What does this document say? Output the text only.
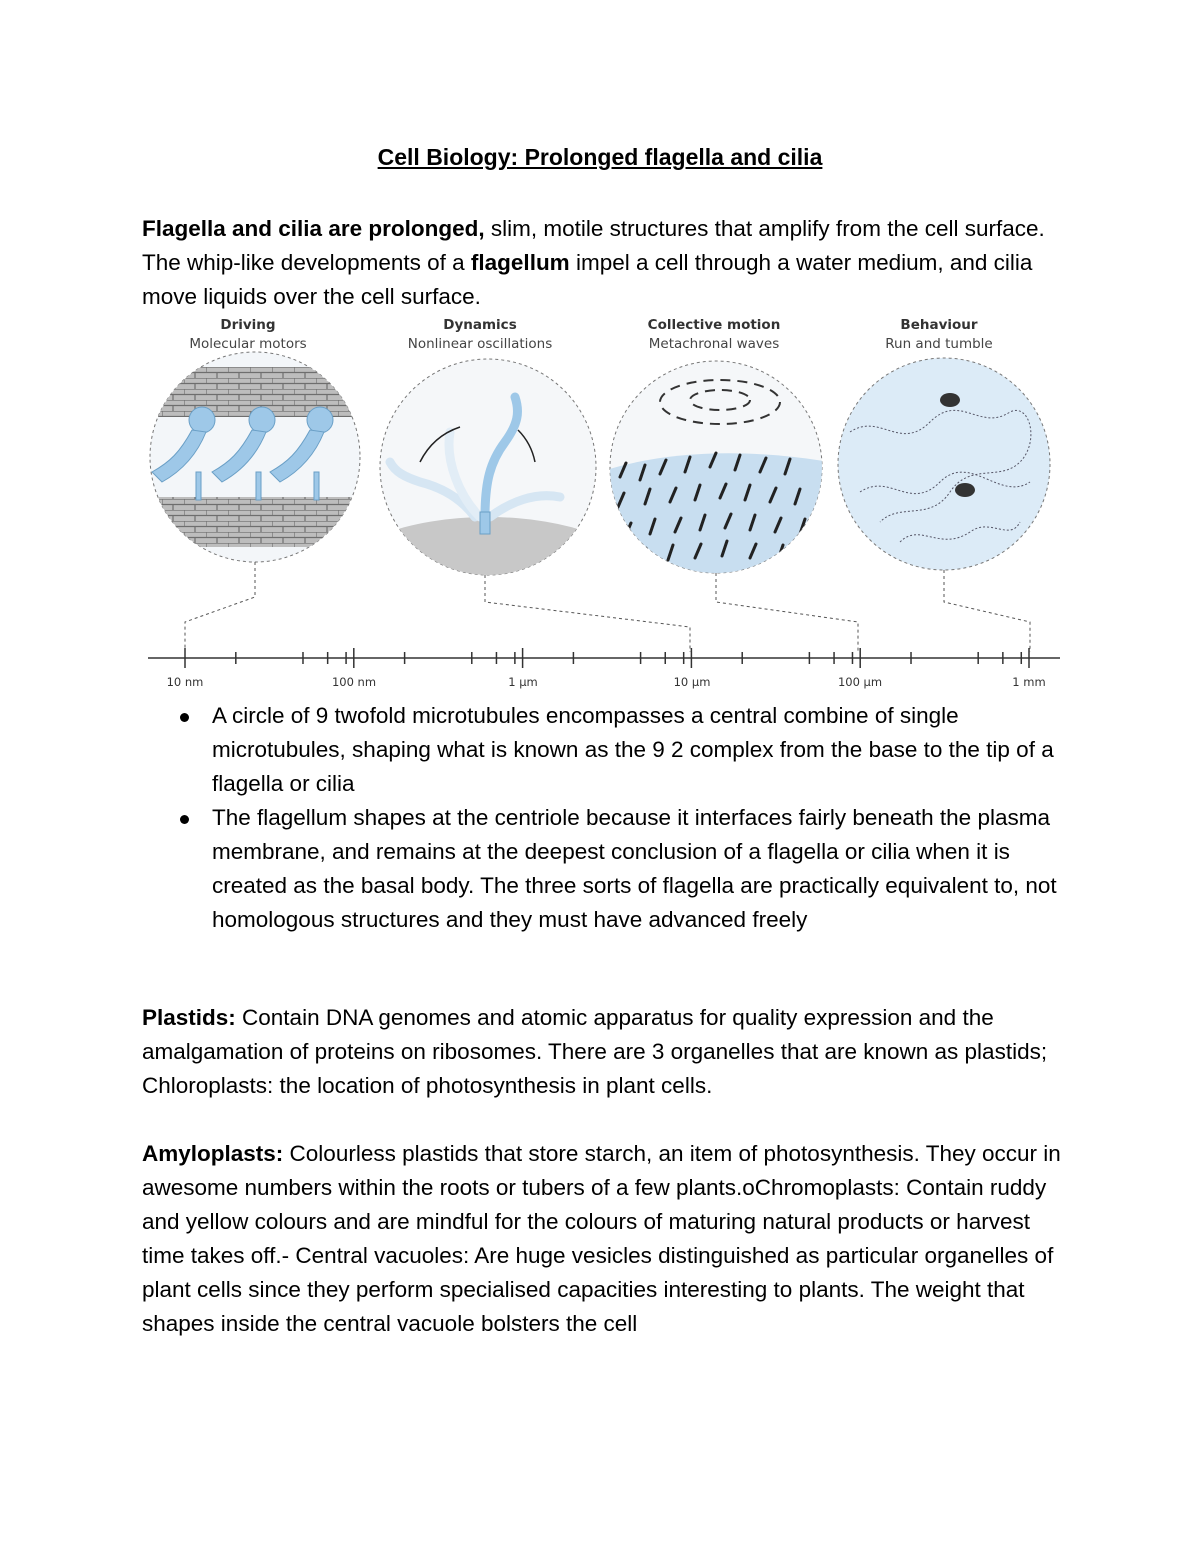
Cell Biology: Prolonged flagella and cilia

Flagella and cilia are prolonged, slim, motile structures that amplify from the cell surface. The whip-like developments of a flagellum impel a cell through a water medium, and cilia move liquids over the cell surface.

Driving
Molecular motors
Dynamics
Nonlinear oscillations
Collective motion
Metachronal waves
Behaviour
Run and tumble
10 nm	100 nm	1 μm	10 μm	100 μm	1 mm
A circle of 9 twofold microtubules encompasses a central combine of single microtubules, shaping what is known as the 9 2 complex from the base to the tip of a flagella or cilia
The flagellum shapes at the centriole because it interfaces fairly beneath the plasma membrane, and remains at the deepest conclusion of a flagella or cilia when it is created as the basal body. The three sorts of flagella are practically equivalent to, not homologous structures and they must have advanced freely

Plastids: Contain DNA genomes and atomic apparatus for quality expression and the amalgamation of proteins on ribosomes. There are 3 organelles that are known as plastids; Chloroplasts: the location of photosynthesis in plant cells.

Amyloplasts: Colourless plastids that store starch, an item of photosynthesis. They occur in awesome numbers within the roots or tubers of a few plants.oChromoplasts: Contain ruddy and yellow colours and are mindful for the colours of maturing natural products or harvest time takes off.- Central vacuoles: Are huge vesicles distinguished as particular organelles of plant cells since they perform specialised capacities interesting to plants. The weight that shapes inside the central vacuole bolsters the cell
